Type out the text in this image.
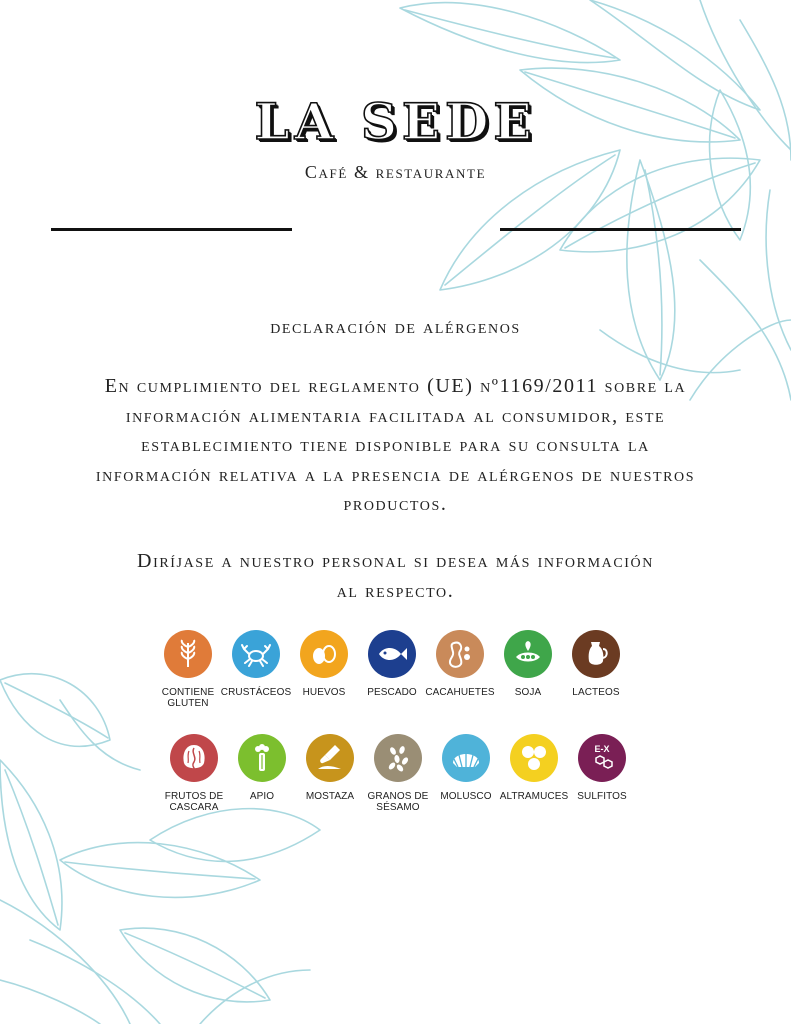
LA SEDE
Café & restaurante
declaración de alérgenos

En cumplimiento del reglamento (UE) nº1169/2011 sobre la información alimentaria facilitada al consumidor, este establecimiento tiene disponible para su consulta la información relativa a la presencia de alérgenos de nuestros productos.

Diríjase a nuestro personal si desea más información al respecto.

CONTIENE GLUTEN
CRUSTÁCEOS	HUEVOS	PESCADO CACAHUETES	SOJA	LACTEOS
FRUTOS DE CASCARA
APIO	MOSTAZA	GRANOS DE SÉSAMO
MOLUSCO ALTRAMUCES
E-X
SULFITOS
